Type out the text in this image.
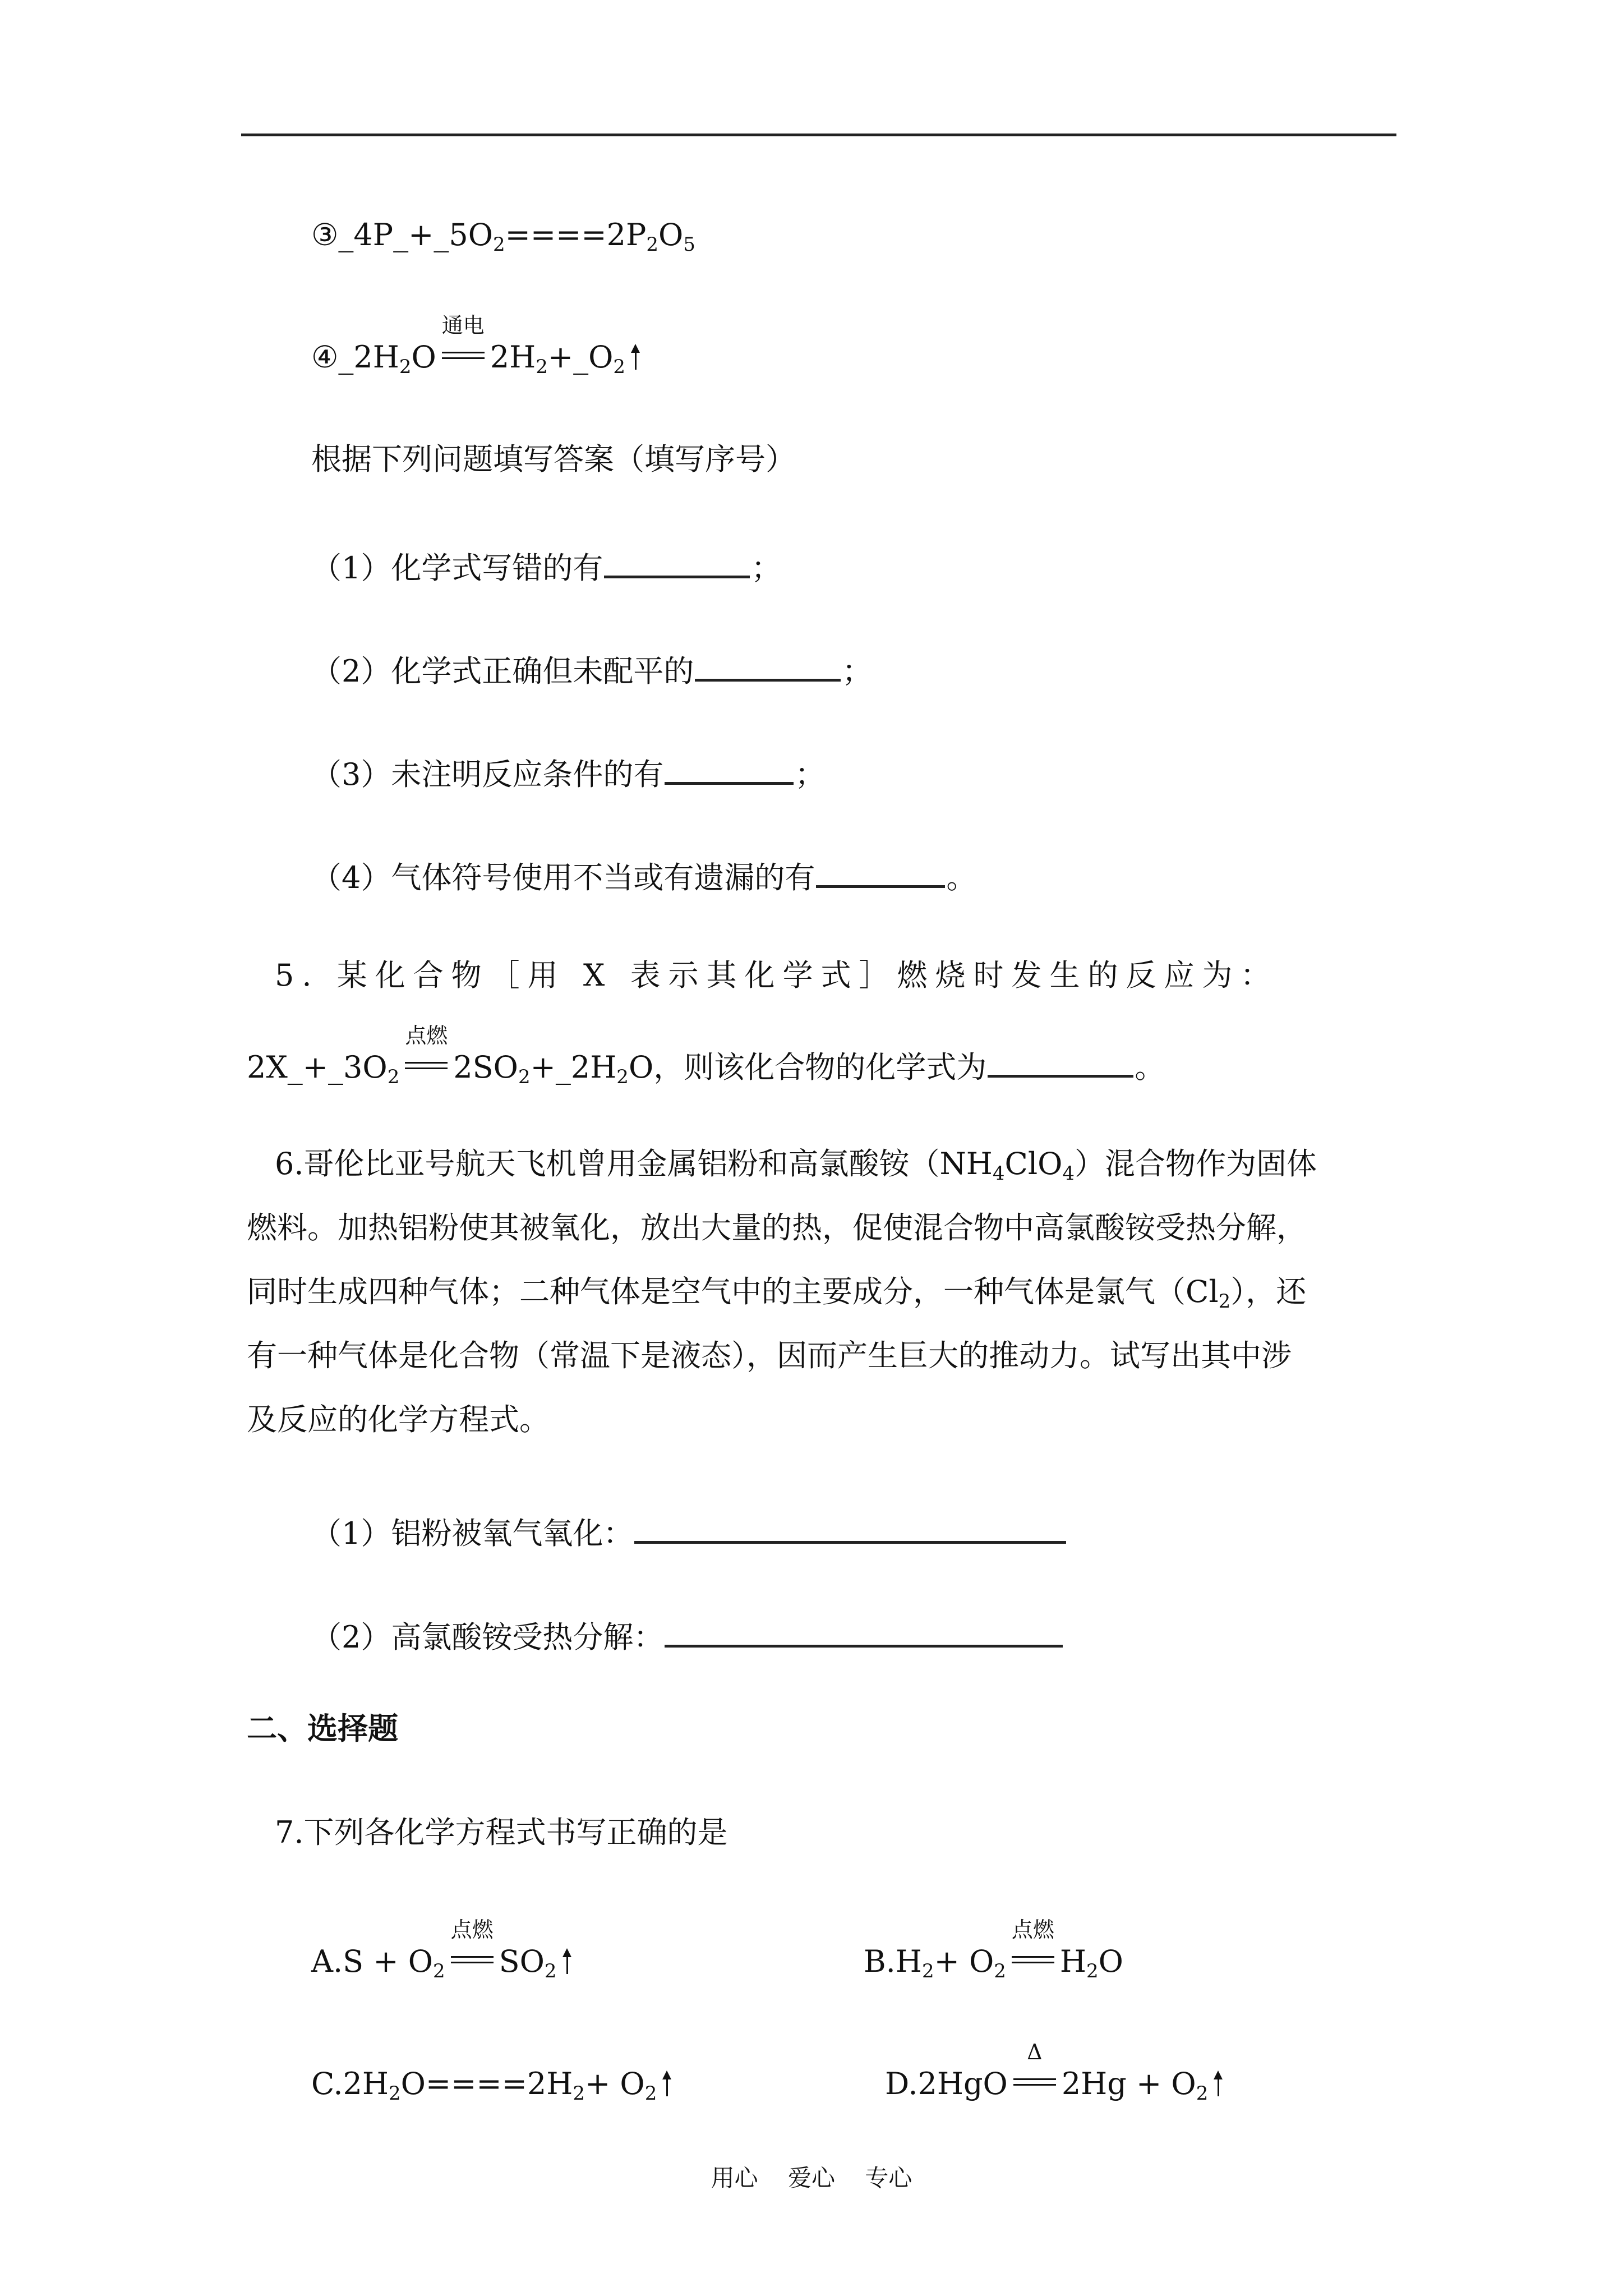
$③\_4P\_+\_5O_2====2P_2O_5$
$④\_2H_2O$
通电
$2H_2+\_O_2$
根据下列问题填写答案（填写序号）
（1）化学式写错的有	；
（2）化学式正确但未配平的	；
（3）未注明反应条件的有	；
（4）气体符号使用不当或有遗漏的有	。
5. 某化合物［用 X 表示其化学式］燃烧时发生的反应为：
$2X\_+\_3O_2$
点燃
$2SO_2+\_2H_2O$，则该化合物的化学式为	。
6.哥伦比亚号航天飞机曾用金属铝粉和高氯酸铵$(NH_4ClO_4)$混合物作为固体
燃料。加热铝粉使其被氧化，放出大量的热，促使混合物中高氯酸铵受热分解，
同时生成四种气体；二种气体是空气中的主要成分，一种气体是氯气$(Cl_2)$，还
有一种气体是化合物（常温下是液态），因而产生巨大的推动力。试写出其中涉
及反应的化学方程式。
（1）铝粉被氧气氧化：
（2）高氯酸铵受热分解：
二、选择题
7.下列各化学方程式书写正确的是
$A.S + O_2$
点燃
$SO_2$	$B.H_2+ O_2$
点燃
$H_2O$
$C.2H_2O====2H_2+ O_2$	D.2HgO
Δ
$2Hg + O_2$
用心 爱心 专心
